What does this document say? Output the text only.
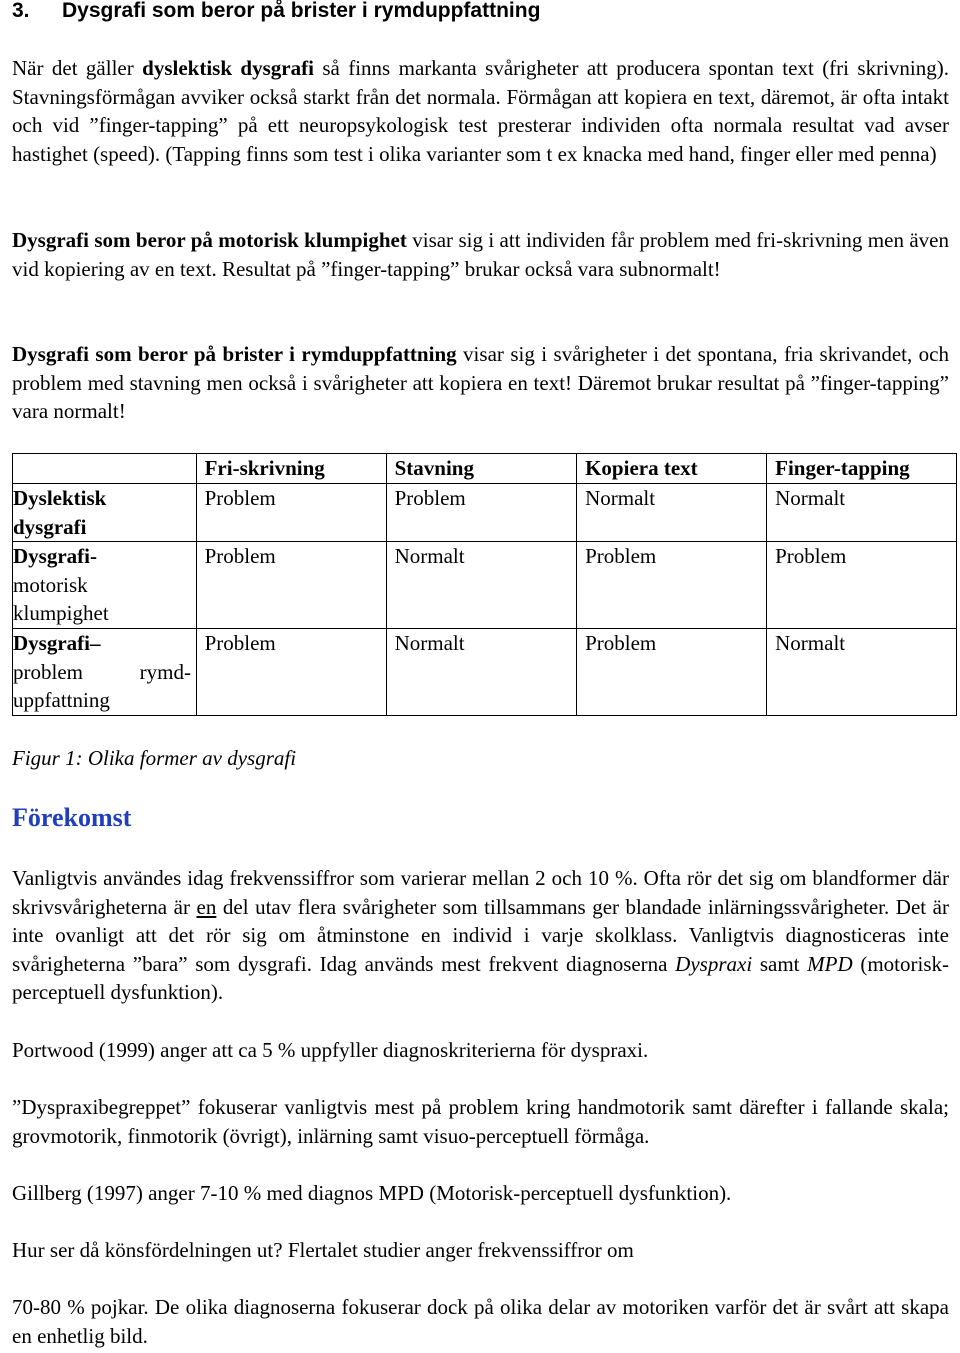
3. Dysgrafi som beror på brister i rymduppfattning

När det gäller dyslektisk dysgrafi så finns markanta svårigheter att producera spontan text (fri skrivning). Stavningsförmågan avviker också starkt från det normala. Förmågan att kopiera en text, däremot, är ofta intakt och vid ”finger-tapping” på ett neuropsykologisk test presterar individen ofta normala resultat vad avser hastighet (speed). (Tapping finns som test i olika varianter som t ex knacka med hand, finger eller med penna)

Dysgrafi som beror på motorisk klumpighet visar sig i att individen får problem med fri-skrivning men även vid kopiering av en text. Resultat på ”finger-tapping” brukar också vara subnormalt!

Dysgrafi som beror på brister i rymduppfattning visar sig i svårigheter i det spontana, fria skrivandet, och problem med stavning men också i svårigheter att kopiera en text! Däremot brukar resultat på ”finger-tapping” vara normalt!

	Fri-skrivning	Stavning	Kopiera text	Finger-tapping
Dyslektisk
dysgrafi	Problem	Problem	Normalt	Normalt
Dysgrafi-

motorisk klumpighet	Problem	Normalt	Problem	Problem
Dysgrafi–

problem rymd-uppfattning	Problem	Normalt	Problem	Normalt

Figur 1: Olika former av dysgrafi

Förekomst

Vanligtvis användes idag frekvenssiffror som varierar mellan 2 och 10 %. Ofta rör det sig om blandformer där skrivsvårigheterna är en del utav flera svårigheter som tillsammans ger blandade inlärningssvårigheter. Det är inte ovanligt att det rör sig om åtminstone en individ i varje skolklass. Vanligtvis diagnosticeras inte svårigheterna ”bara” som dysgrafi. Idag används mest frekvent diagnoserna Dyspraxi samt MPD (motorisk-perceptuell dysfunktion).

Portwood (1999) anger att ca 5 % uppfyller diagnoskriterierna för dyspraxi.

”Dyspraxibegreppet” fokuserar vanligtvis mest på problem kring handmotorik samt därefter i fallande skala; grovmotorik, finmotorik (övrigt), inlärning samt visuo-perceptuell förmåga.

Gillberg (1997) anger 7-10 % med diagnos MPD (Motorisk-perceptuell dysfunktion).

Hur ser då könsfördelningen ut? Flertalet studier anger frekvenssiffror om

70-80 % pojkar. De olika diagnoserna fokuserar dock på olika delar av motoriken varför det är svårt att skapa en enhetlig bild.
